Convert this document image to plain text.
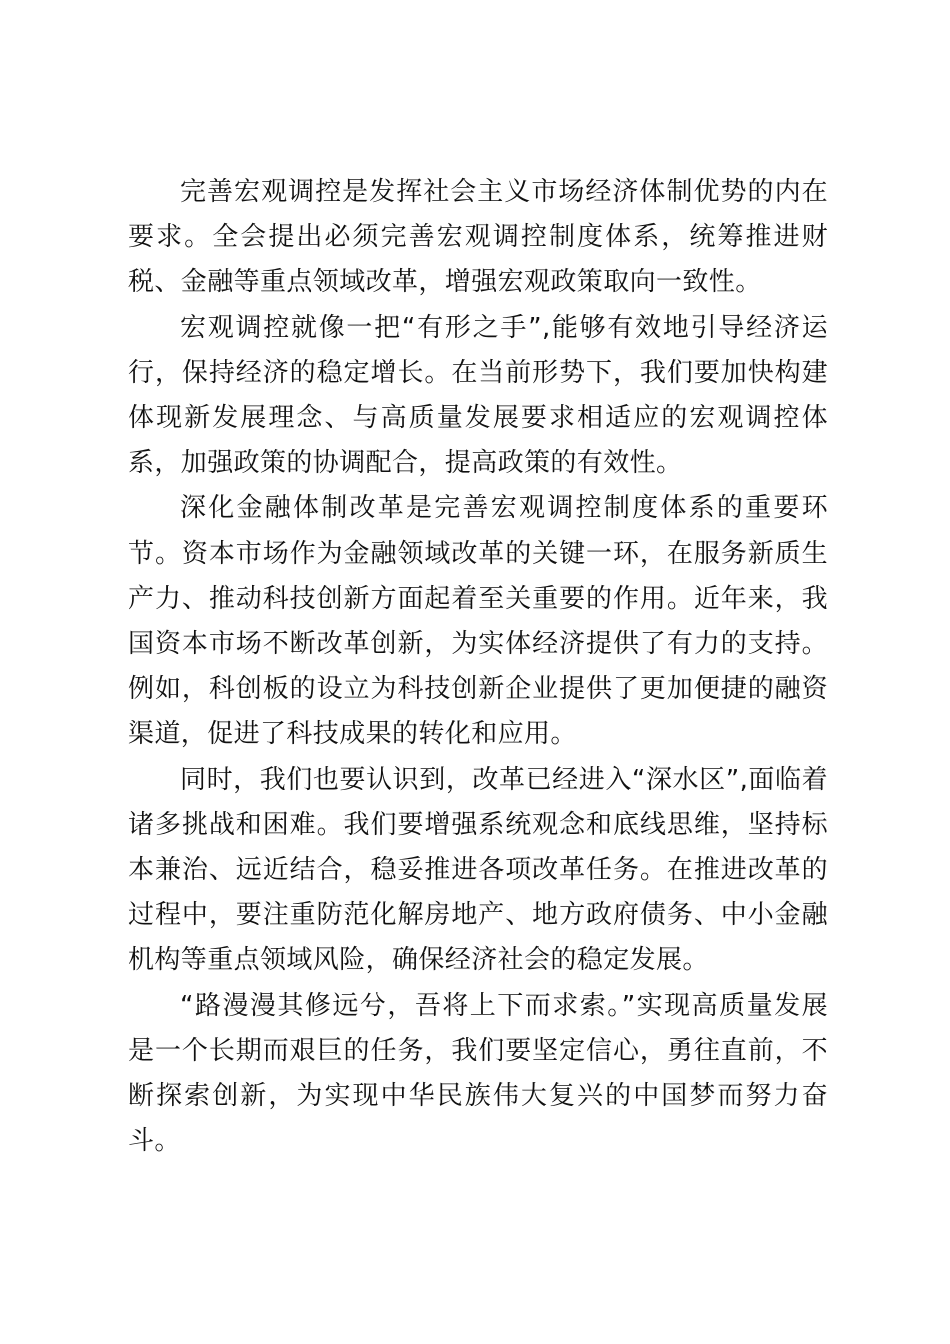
完善宏观调控是发挥社会主义市场经济体制优势的内在要求。全会提出必须完善宏观调控制度体系，统筹推进财税、金融等重点领域改革，增强宏观政策取向一致性。

宏观调控就像一把“有形之手”,能够有效地引导经济运行，保持经济的稳定增长。在当前形势下，我们要加快构建体现新发展理念、与高质量发展要求相适应的宏观调控体系，加强政策的协调配合，提高政策的有效性。

深化金融体制改革是完善宏观调控制度体系的重要环节。资本市场作为金融领域改革的关键一环，在服务新质生产力、推动科技创新方面起着至关重要的作用。近年来，我国资本市场不断改革创新，为实体经济提供了有力的支持。例如，科创板的设立为科技创新企业提供了更加便捷的融资渠道，促进了科技成果的转化和应用。

同时，我们也要认识到，改革已经进入“深水区”,面临着诸多挑战和困难。我们要增强系统观念和底线思维，坚持标本兼治、远近结合，稳妥推进各项改革任务。在推进改革的过程中，要注重防范化解房地产、地方政府债务、中小金融机构等重点领域风险，确保经济社会的稳定发展。

“路漫漫其修远兮，吾将上下而求索。”实现高质量发展是一个长期而艰巨的任务，我们要坚定信心，勇往直前，不断探索创新，为实现中华民族伟大复兴的中国梦而努力奋斗。
